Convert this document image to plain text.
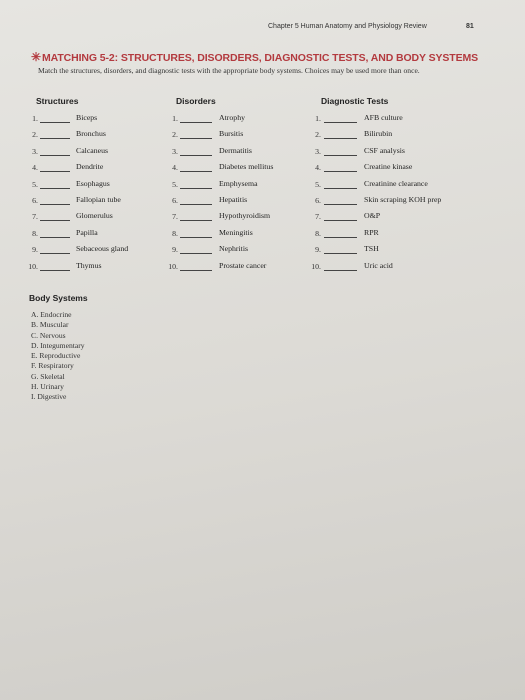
Chapter 5 Human Anatomy and Physiology Review	81
✳MATCHING 5-2: STRUCTURES, DISORDERS, DIAGNOSTIC TESTS, AND BODY SYSTEMS
Match the structures, disorders, and diagnostic tests with the appropriate body systems. Choices may be used more than once.
Structures
1.	Biceps
2.	Bronchus
3.	Calcaneus
4.	Dendrite
5.	Esophagus
6.	Fallopian tube
7.	Glomerulus
8.	Papilla
9.	Sebaceous gland
10.	Thymus
Disorders
1.	Atrophy
2.	Bursitis
3.	Dermatitis
4.	Diabetes mellitus
5.	Emphysema
6.	Hepatitis
7.	Hypothyroidism
8.	Meningitis
9.	Nephritis
10.	Prostate cancer
Diagnostic Tests
1.	AFB culture
2.	Bilirubin
3.	CSF analysis
4.	Creatine kinase
5.	Creatinine clearance
6.	Skin scraping KOH prep
7.	O&P
8.	RPR
9.	TSH
10.	Uric acid
Body Systems
A. Endocrine
B. Muscular
C. Nervous
D. Integumentary
E. Reproductive
F. Respiratory
G. Skeletal
H. Urinary
I. Digestive
